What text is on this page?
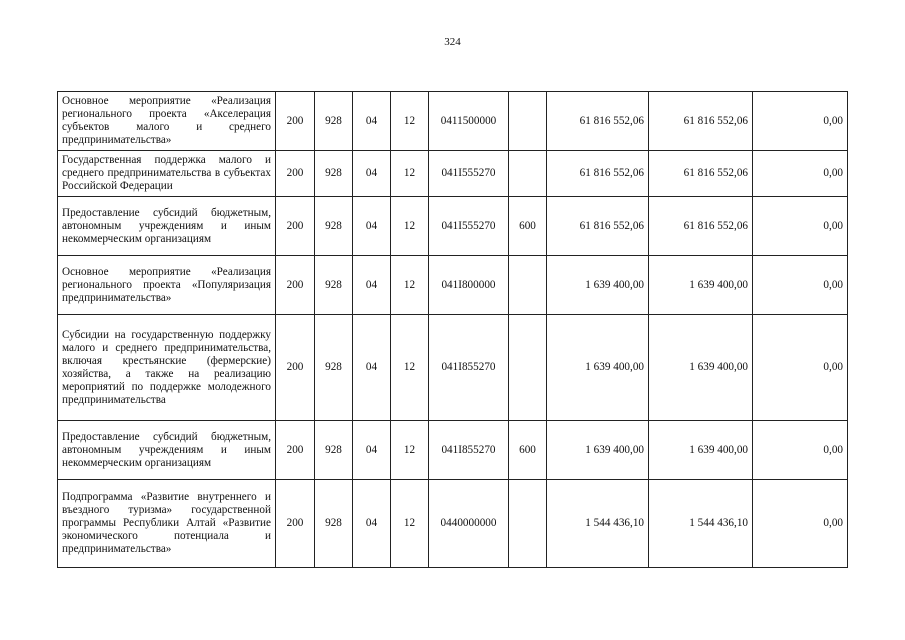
324
Основное мероприятие «Реализация регионального проекта «Акселерация субъектов малого и среднего предпринимательства»	200	928	04	12	0411500000		61 816 552,06	61 816 552,06	0,00
Государственная поддержка малого и среднего предпринимательства в субъектах Российской Федерации	200	928	04	12	041I555270		61 816 552,06	61 816 552,06	0,00
Предоставление субсидий бюджетным, автономным учреждениям и иным некоммерческим организациям	200	928	04	12	041I555270	600	61 816 552,06	61 816 552,06	0,00
Основное мероприятие «Реализация регионального проекта «Популяризация предпринимательства»	200	928	04	12	041I800000		1 639 400,00	1 639 400,00	0,00
Субсидии на государственную поддержку малого и среднего предпринимательства, включая крестьянские (фермерские) хозяйства, а также на реализацию мероприятий по поддержке молодежного предпринимательства	200	928	04	12	041I855270		1 639 400,00	1 639 400,00	0,00
Предоставление субсидий бюджетным, автономным учреждениям и иным некоммерческим организациям	200	928	04	12	041I855270	600	1 639 400,00	1 639 400,00	0,00
Подпрограмма «Развитие внутреннего и въездного туризма» государственной программы Республики Алтай «Развитие экономического потенциала и предпринимательства»	200	928	04	12	0440000000		1 544 436,10	1 544 436,10	0,00
